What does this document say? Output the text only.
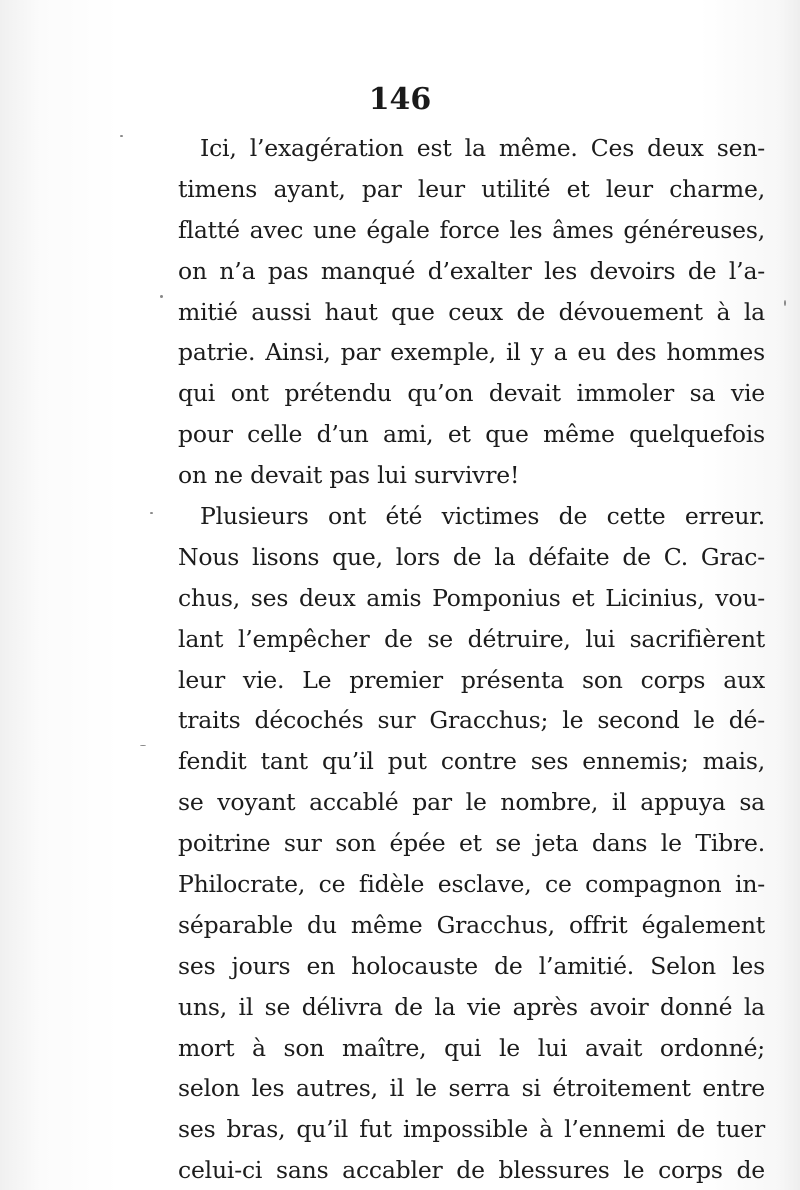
146
Ici, l’exagération est la même. Ces deux sen-
timens ayant, par leur utilité et leur charme,
flatté avec une égale force les âmes généreuses,
on n’a pas manqué d’exalter les devoirs de l’a-
mitié aussi haut que ceux de dévouement à la
patrie. Ainsi, par exemple, il y a eu des hommes
qui ont prétendu qu’on devait immoler sa vie
pour celle d’un ami, et que même quelquefois
on ne devait pas lui survivre!
Plusieurs ont été victimes de cette erreur.
Nous lisons que, lors de la défaite de C. Grac-
chus, ses deux amis Pomponius et Licinius, vou-
lant l’empêcher de se détruire, lui sacrifièrent
leur vie. Le premier présenta son corps aux
traits décochés sur Gracchus; le second le dé-
fendit tant qu’il put contre ses ennemis; mais,
se voyant accablé par le nombre, il appuya sa
poitrine sur son épée et se jeta dans le Tibre.
Philocrate, ce fidèle esclave, ce compagnon in-
séparable du même Gracchus, offrit également
ses jours en holocauste de l’amitié. Selon les
uns, il se délivra de la vie après avoir donné la
mort à son maître, qui le lui avait ordonné;
selon les autres, il le serra si étroitement entre
ses bras, qu’il fut impossible à l’ennemi de tuer
celui-ci sans accabler de blessures le corps de
